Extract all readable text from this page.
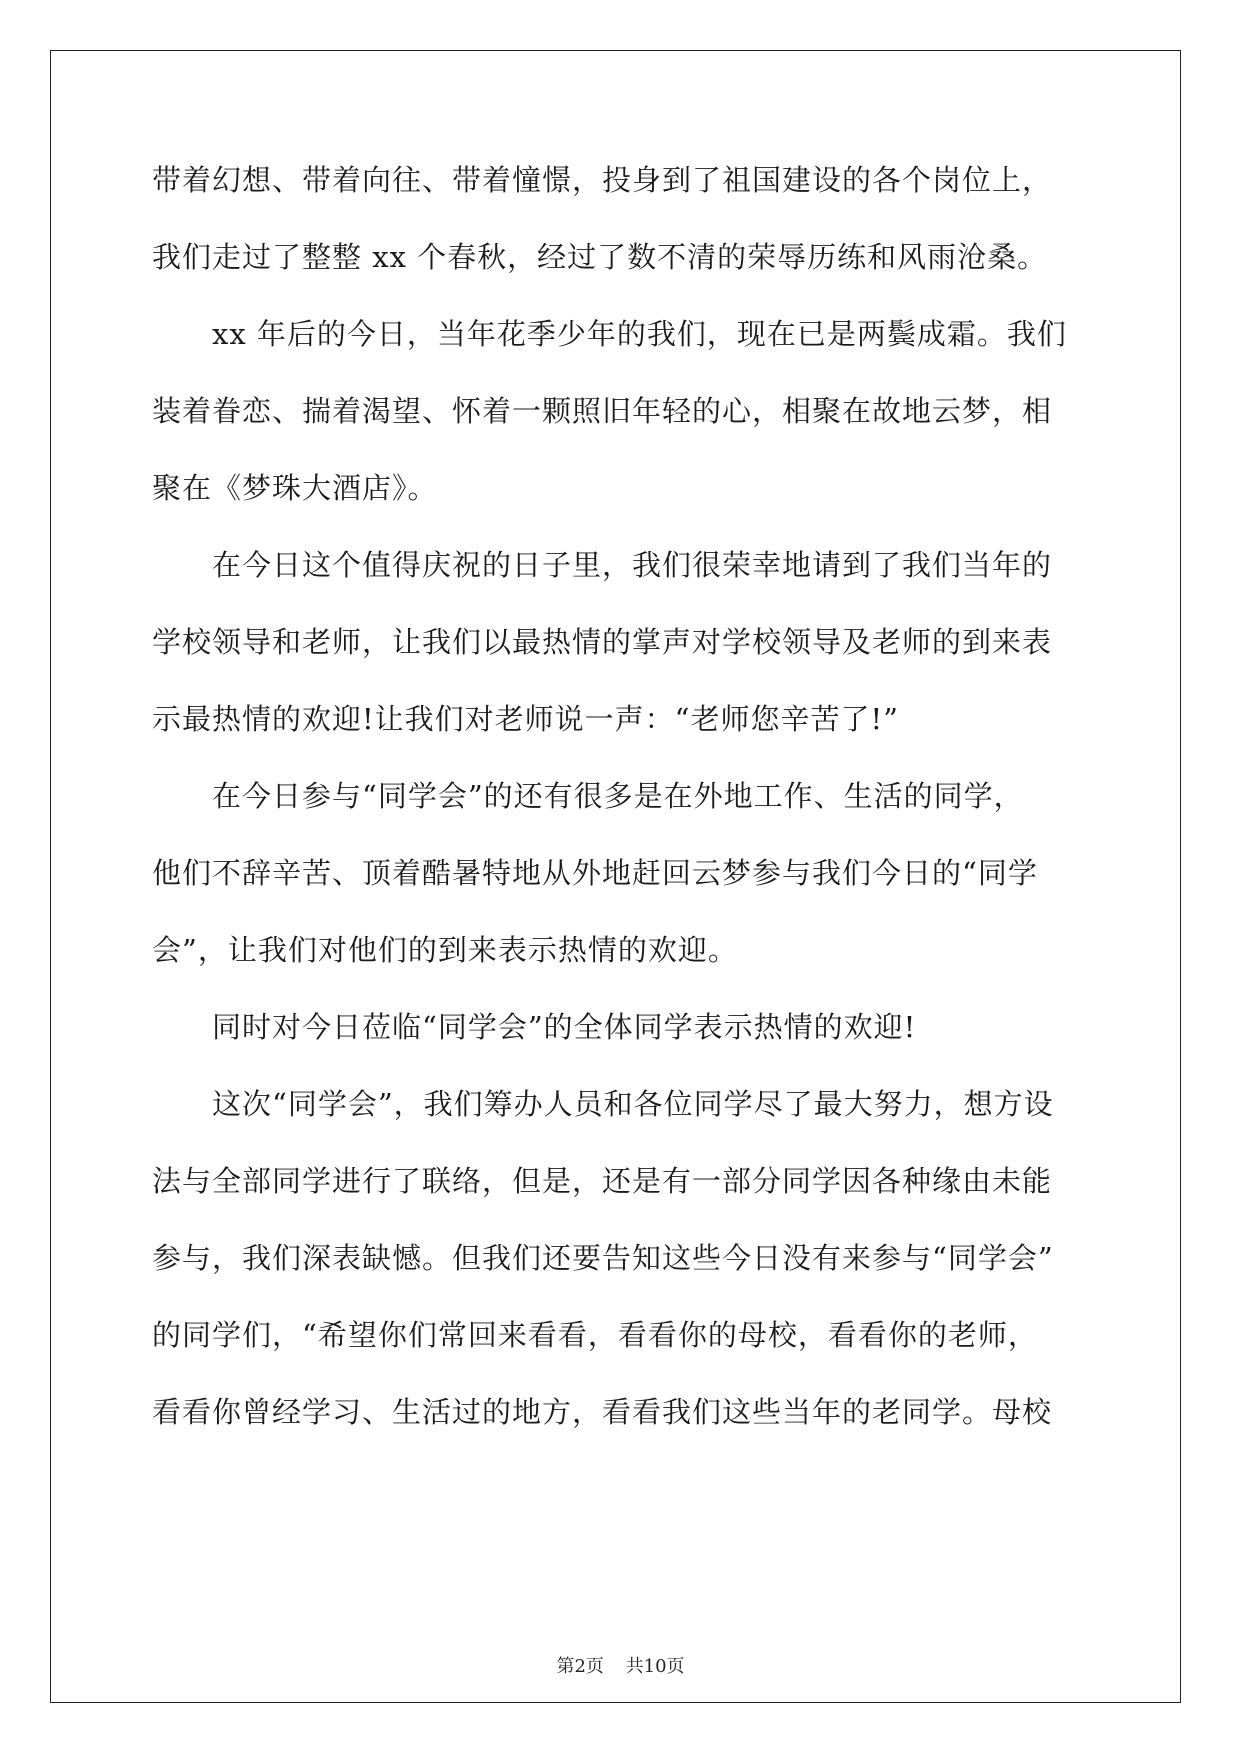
带着幻想、带着向往、带着憧憬，投身到了祖国建设的各个岗位上，
我们走过了整整 xx 个春秋，经过了数不清的荣辱历练和风雨沧桑。
xx 年后的今日，当年花季少年的我们，现在已是两鬓成霜。我们
装着眷恋、揣着渴望、怀着一颗照旧年轻的心，相聚在故地云梦，相
聚在《梦珠大酒店》。
在今日这个值得庆祝的日子里，我们很荣幸地请到了我们当年的
学校领导和老师，让我们以最热情的掌声对学校领导及老师的到来表
示最热情的欢迎!让我们对老师说一声：“老师您辛苦了!”
在今日参与“同学会”的还有很多是在外地工作、生活的同学，
他们不辞辛苦、顶着酷暑特地从外地赶回云梦参与我们今日的“同学
会”，让我们对他们的到来表示热情的欢迎。
同时对今日莅临“同学会”的全体同学表示热情的欢迎!
这次“同学会”，我们筹办人员和各位同学尽了最大努力，想方设
法与全部同学进行了联络，但是，还是有一部分同学因各种缘由未能
参与，我们深表缺憾。但我们还要告知这些今日没有来参与“同学会”
的同学们，“希望你们常回来看看，看看你的母校，看看你的老师，
看看你曾经学习、生活过的地方，看看我们这些当年的老同学。母校
第2页 共10页
